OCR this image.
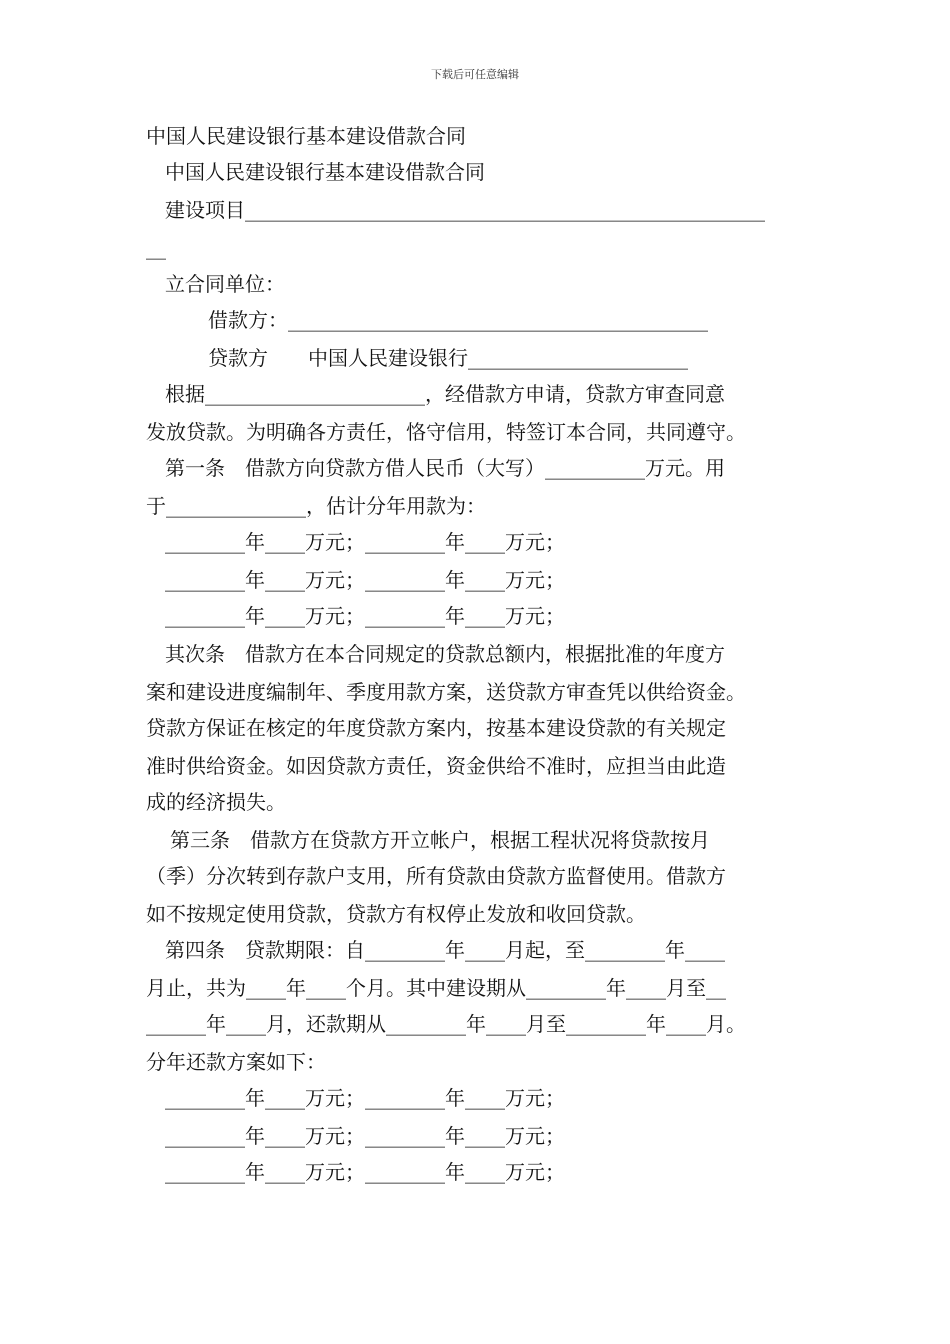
下载后可任意编辑
中国人民建设银行基本建设借款合同
中国人民建设银行基本建设借款合同
建设项目____________________________________________________
__
立合同单位：
借款方：__________________________________________
贷款方　　中国人民建设银行______________________
根据______________________，经借款方申请，贷款方审查同意
发放贷款。为明确各方责任，恪守信用，特签订本合同，共同遵守。
第一条　借款方向贷款方借人民币（大写）__________万元。用
于______________，估计分年用款为：
________年____万元；________年____万元；
________年____万元；________年____万元；
________年____万元；________年____万元；
其次条　借款方在本合同规定的贷款总额内，根据批准的年度方
案和建设进度编制年、季度用款方案，送贷款方审查凭以供给资金。
贷款方保证在核定的年度贷款方案内，按基本建设贷款的有关规定
准时供给资金。如因贷款方责任，资金供给不准时，应担当由此造
成的经济损失。
第三条　借款方在贷款方开立帐户，根据工程状况将贷款按月
（季）分次转到存款户支用，所有贷款由贷款方监督使用。借款方
如不按规定使用贷款，贷款方有权停止发放和收回贷款。
第四条　贷款期限：自________年____月起，至________年____
月止，共为____年____个月。其中建设期从________年____月至__
______年____月，还款期从________年____月至________年____月。
分年还款方案如下：
________年____万元；________年____万元；
________年____万元；________年____万元；
________年____万元；________年____万元；
